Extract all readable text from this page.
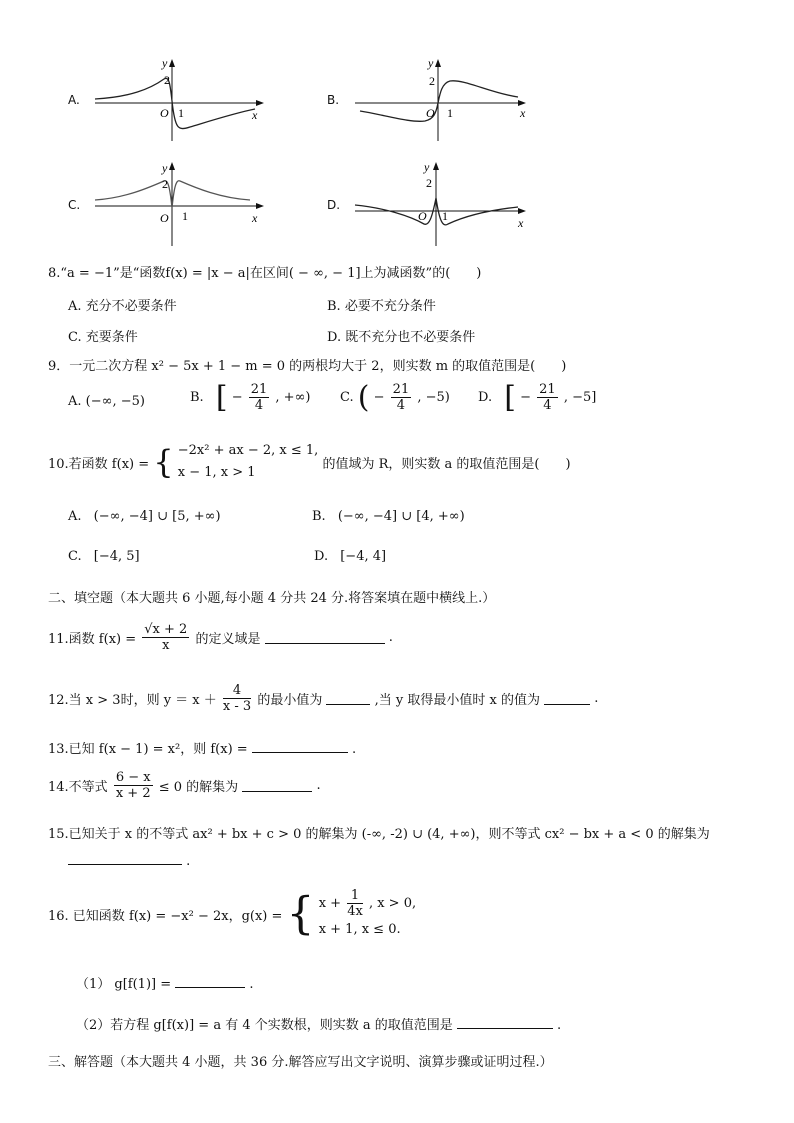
A.
y
2
O 1	x
B.
y
2
O 1	x
C.
y
2
O 1	x
D.
y
2
O 1	x
8.“a = −1”是“函数f(x) = |x − a|在区间( − ∞, − 1]上为减函数”的(　　)
A. 充分不必要条件	B. 必要不充分条件
C. 充要条件	D. 既不充分也不必要条件
9．一元二次方程 x² − 5x + 1 − m = 0 的两根均大于 2，则实数 m 的取值范围是(　　)
A. (−∞, −5)	B. [ − $\frac{21}{4}$ , +∞) C. ( − $\frac{21}{4}$ , −5) D. [ − $\frac{21}{4}$ , −5]
10.若函数 f(x) = { −2x² + ax − 2, x ≤ 1,
x − 1, x > 1
的值域为 R，则实数 a 的取值范围是(　　)
A. (−∞, −4] ∪ [5, +∞)	B. (−∞, −4] ∪ [4, +∞)
C. [−4, 5]	D. [−4, 4]
二、填空题（本大题共 6 小题,每小题 4 分共 24 分.将答案填在题中横线上.）
11.函数 $f(x) = \frac{√x + 2}{x}$ 的定义域是	.
12.当 x > 3时，则 $y = x + \frac{4}{x - 3}$ 的最小值为	,当 y 取得最小值时 x 的值为	.
13.已知 f(x − 1) = x²，则 f(x) =	.
14.不等式 $\frac{6 - x}{x + 2} \le 0$ 的解集为	.
15.已知关于 x 的不等式 ax² + bx + c > 0 的解集为 (‑∞, ‑2) ∪ (4, +∞)，则不等式 cx² − bx + a < 0 的解集为
.
16. 已知函数 f(x) = −x² − 2x，g(x) = { $x + \frac{1}{4x}$ , x > 0,
x + 1, x ≤ 0.
（1） g[f(1)] =	.
（2）若方程 g[f(x)] = a 有 4 个实数根，则实数 a 的取值范围是	.
三、解答题（本大题共 4 小题，共 36 分.解答应写出文字说明、演算步骤或证明过程.）
